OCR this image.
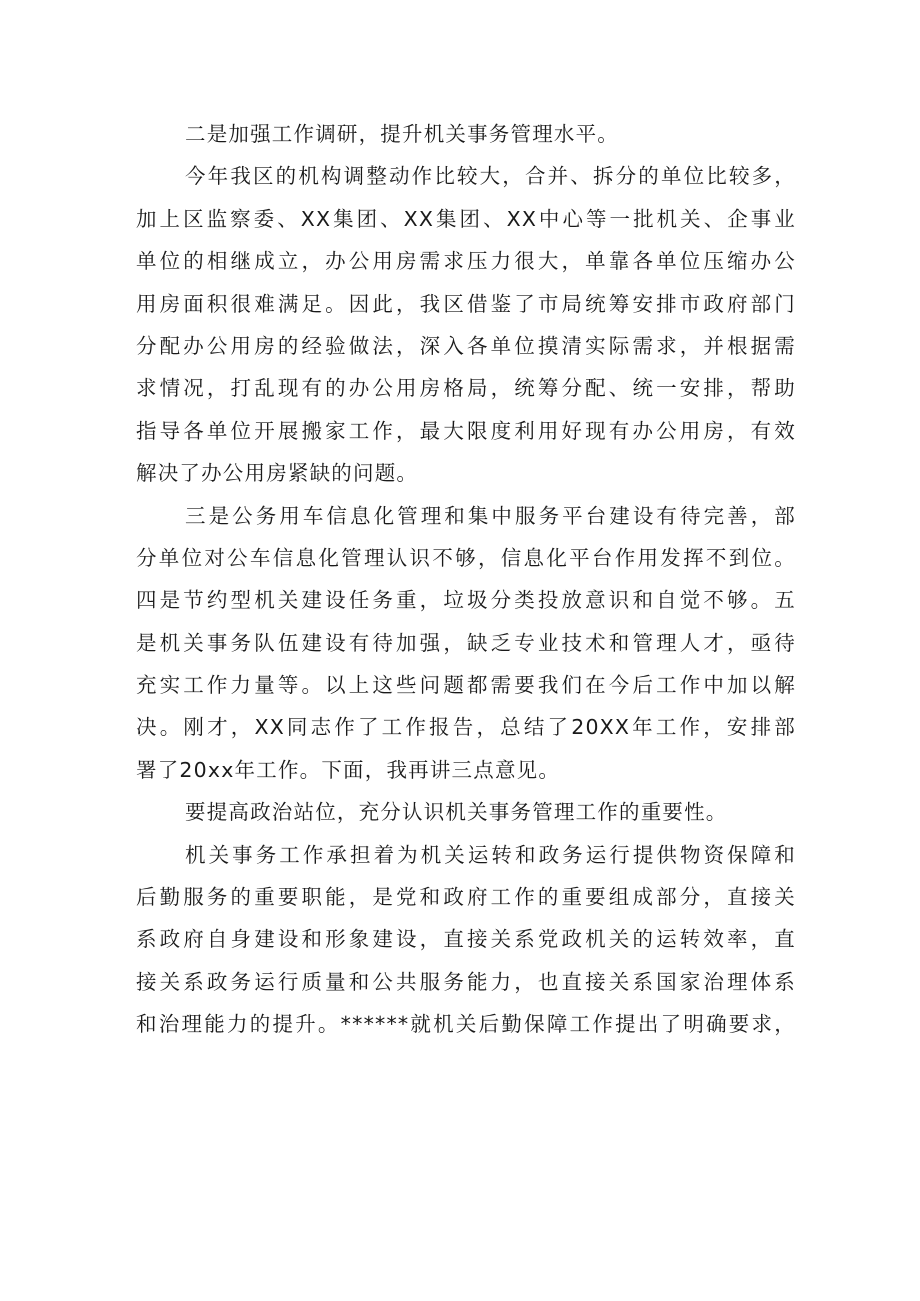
二是加强工作调研，提升机关事务管理水平。
今年我区的机构调整动作比较大，合并、拆分的单位比较多，
加上区监察委、XX集团、XX集团、XX中心等一批机关、企事业
单位的相继成立，办公用房需求压力很大，单靠各单位压缩办公
用房面积很难满足。因此，我区借鉴了市局统筹安排市政府部门
分配办公用房的经验做法，深入各单位摸清实际需求，并根据需
求情况，打乱现有的办公用房格局，统筹分配、统一安排，帮助
指导各单位开展搬家工作，最大限度利用好现有办公用房，有效
解决了办公用房紧缺的问题。
三是公务用车信息化管理和集中服务平台建设有待完善，部
分单位对公车信息化管理认识不够，信息化平台作用发挥不到位。
四是节约型机关建设任务重，垃圾分类投放意识和自觉不够。五
是机关事务队伍建设有待加强，缺乏专业技术和管理人才，亟待
充实工作力量等。以上这些问题都需要我们在今后工作中加以解
决。刚才，XX同志作了工作报告，总结了20XX年工作，安排部
署了20xx年工作。下面，我再讲三点意见。
要提高政治站位，充分认识机关事务管理工作的重要性。
机关事务工作承担着为机关运转和政务运行提供物资保障和
后勤服务的重要职能，是党和政府工作的重要组成部分，直接关
系政府自身建设和形象建设，直接关系党政机关的运转效率，直
接关系政务运行质量和公共服务能力，也直接关系国家治理体系
和治理能力的提升。******就机关后勤保障工作提出了明确要求，
